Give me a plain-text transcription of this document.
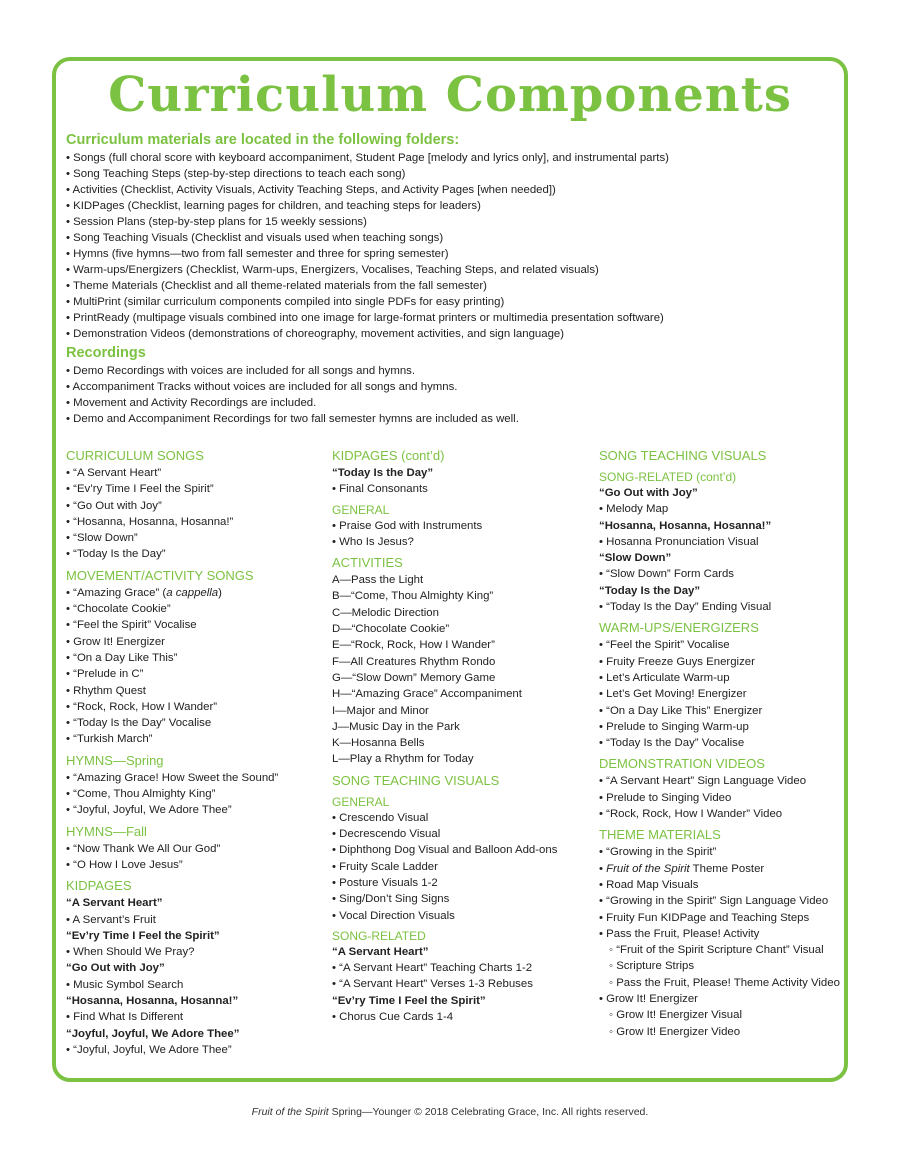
Curriculum Components
Curriculum materials are located in the following folders:
• Songs (full choral score with keyboard accompaniment, Student Page [melody and lyrics only], and instrumental parts)
• Song Teaching Steps (step-by-step directions to teach each song)
• Activities (Checklist, Activity Visuals, Activity Teaching Steps, and Activity Pages [when needed])
• KIDPages (Checklist, learning pages for children, and teaching steps for leaders)
• Session Plans (step-by-step plans for 15 weekly sessions)
• Song Teaching Visuals (Checklist and visuals used when teaching songs)
• Hymns (five hymns—two from fall semester and three for spring semester)
• Warm-ups/Energizers (Checklist, Warm-ups, Energizers, Vocalises, Teaching Steps, and related visuals)
• Theme Materials (Checklist and all theme-related materials from the fall semester)
• MultiPrint (similar curriculum components compiled into single PDFs for easy printing)
• PrintReady (multipage visuals combined into one image for large-format printers or multimedia presentation software)
• Demonstration Videos (demonstrations of choreography, movement activities, and sign language)
Recordings
• Demo Recordings with voices are included for all songs and hymns.
• Accompaniment Tracks without voices are included for all songs and hymns.
• Movement and Activity Recordings are included.
• Demo and Accompaniment Recordings for two fall semester hymns are included as well.
CURRICULUM SONGS
• “A Servant Heart”
• “Ev’ry Time I Feel the Spirit”
• “Go Out with Joy”
• “Hosanna, Hosanna, Hosanna!”
• “Slow Down”
• “Today Is the Day”
MOVEMENT/ACTIVITY SONGS
• “Amazing Grace” (a cappella)
• “Chocolate Cookie”
• “Feel the Spirit” Vocalise
• Grow It! Energizer
• “On a Day Like This”
• “Prelude in C”
• Rhythm Quest
• “Rock, Rock, How I Wander”
• “Today Is the Day” Vocalise
• “Turkish March”
HYMNS—Spring
• “Amazing Grace! How Sweet the Sound”
• “Come, Thou Almighty King”
• “Joyful, Joyful, We Adore Thee”
HYMNS—Fall
• “Now Thank We All Our God”
• “O How I Love Jesus”
KIDPAGES
“A Servant Heart”
• A Servant’s Fruit
“Ev’ry Time I Feel the Spirit”
• When Should We Pray?
“Go Out with Joy”
• Music Symbol Search
“Hosanna, Hosanna, Hosanna!”
• Find What Is Different
“Joyful, Joyful, We Adore Thee”
• “Joyful, Joyful, We Adore Thee”
KIDPAGES (cont’d)
“Today Is the Day”
• Final Consonants
GENERAL
• Praise God with Instruments
• Who Is Jesus?
ACTIVITIES
A—Pass the Light
B—“Come, Thou Almighty King”
C—Melodic Direction
D—“Chocolate Cookie”
E—“Rock, Rock, How I Wander”
F—All Creatures Rhythm Rondo
G—“Slow Down” Memory Game
H—“Amazing Grace” Accompaniment
I—Major and Minor
J—Music Day in the Park
K—Hosanna Bells
L—Play a Rhythm for Today
SONG TEACHING VISUALS
GENERAL
• Crescendo Visual
• Decrescendo Visual
• Diphthong Dog Visual and Balloon Add-ons
• Fruity Scale Ladder
• Posture Visuals 1-2
• Sing/Don’t Sing Signs
• Vocal Direction Visuals
SONG-RELATED
“A Servant Heart”
• “A Servant Heart” Teaching Charts 1-2
• “A Servant Heart” Verses 1-3 Rebuses
“Ev’ry Time I Feel the Spirit”
• Chorus Cue Cards 1-4
SONG TEACHING VISUALS
SONG-RELATED (cont’d)
“Go Out with Joy”
• Melody Map
“Hosanna, Hosanna, Hosanna!”
• Hosanna Pronunciation Visual
“Slow Down”
• “Slow Down” Form Cards
“Today Is the Day”
• “Today Is the Day” Ending Visual
WARM-UPS/ENERGIZERS
• “Feel the Spirit” Vocalise
• Fruity Freeze Guys Energizer
• Let’s Articulate Warm-up
• Let’s Get Moving! Energizer
• “On a Day Like This” Energizer
• Prelude to Singing Warm-up
• “Today Is the Day” Vocalise
DEMONSTRATION VIDEOS
• “A Servant Heart” Sign Language Video
• Prelude to Singing Video
• “Rock, Rock, How I Wander” Video
THEME MATERIALS
• “Growing in the Spirit”
• Fruit of the Spirit Theme Poster
• Road Map Visuals
• “Growing in the Spirit” Sign Language Video
• Fruity Fun KIDPage and Teaching Steps
• Pass the Fruit, Please! Activity
◦ “Fruit of the Spirit Scripture Chant” Visual
◦ Scripture Strips
◦ Pass the Fruit, Please! Theme Activity Video
• Grow It! Energizer
◦ Grow It! Energizer Visual
◦ Grow It! Energizer Video
Fruit of the Spirit Spring—Younger © 2018 Celebrating Grace, Inc. All rights reserved.
